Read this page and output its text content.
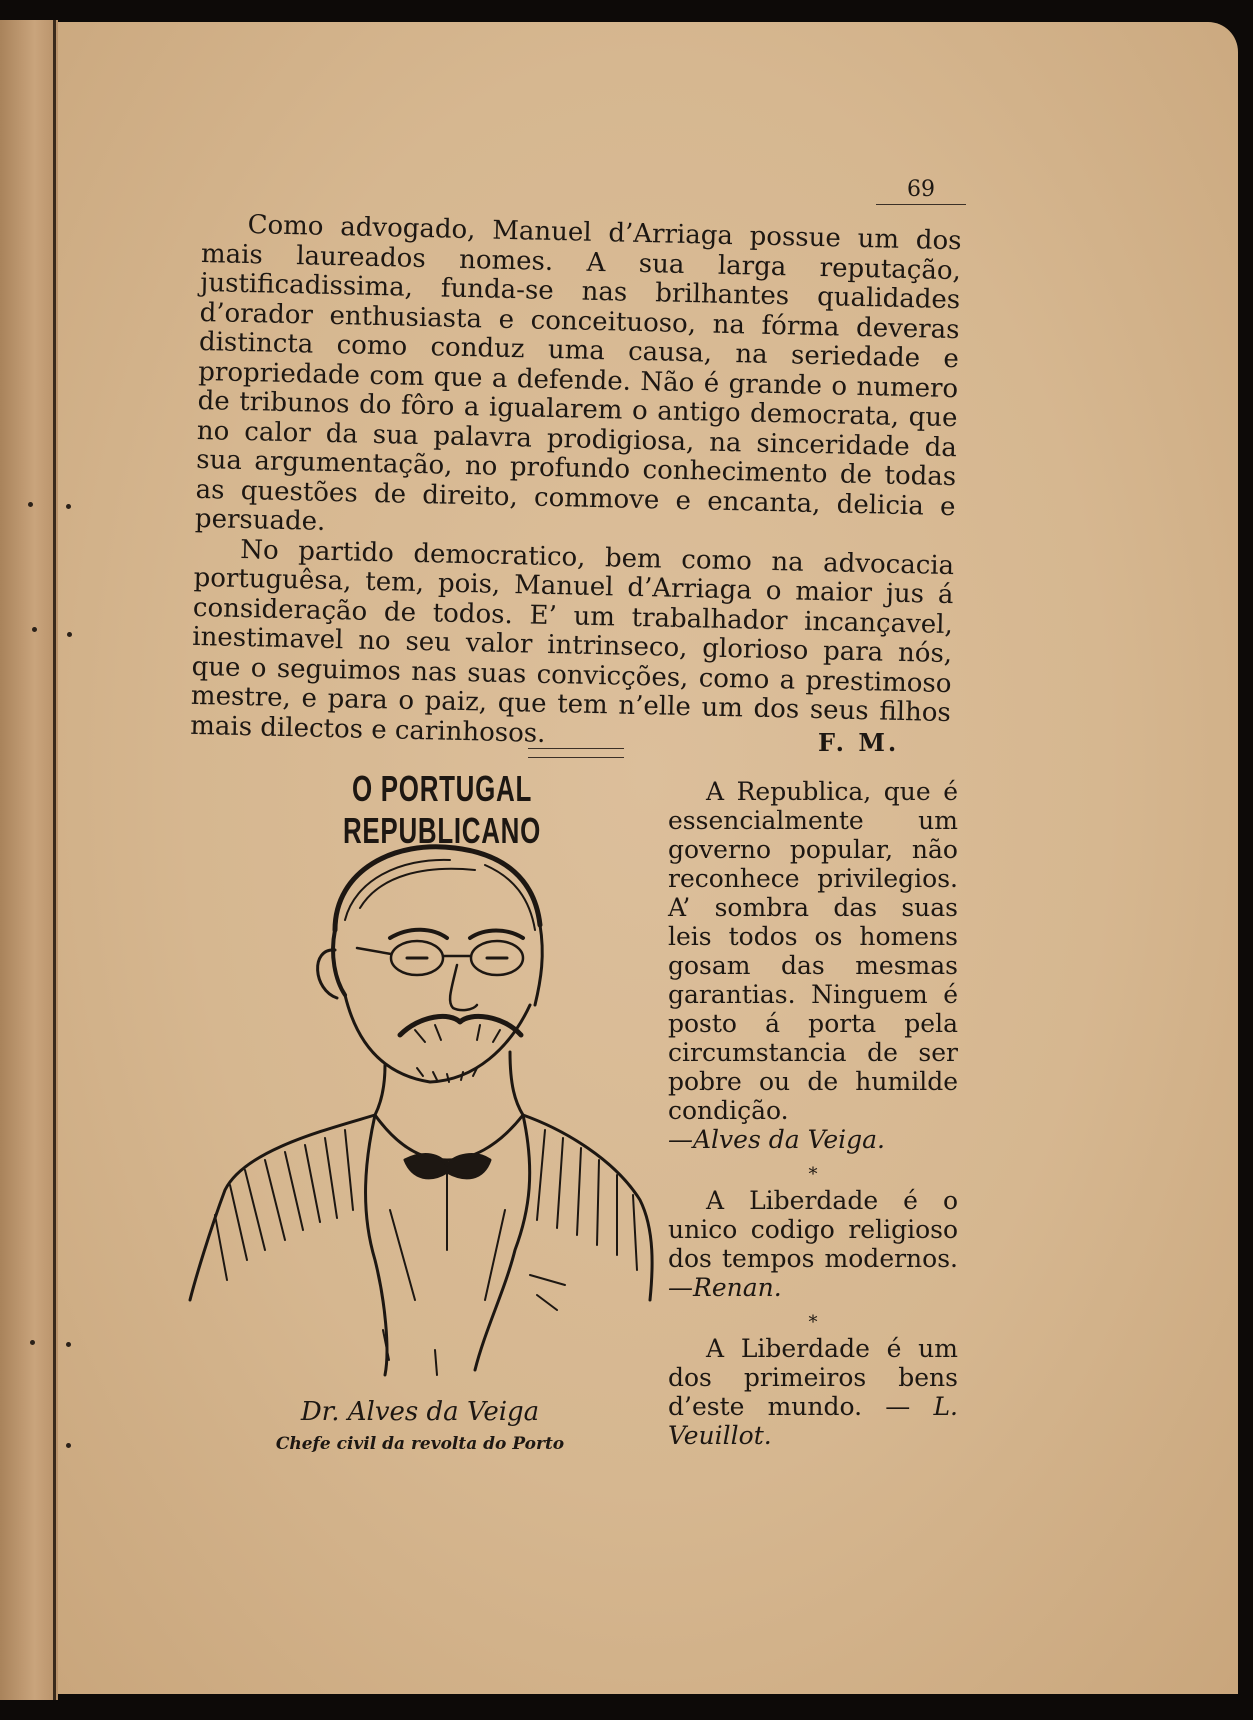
69

Como advogado, Manuel d’Arriaga possue um dos mais laureados nomes. A sua larga reputação, justificadissima, funda-se nas brilhantes qualidades d’orador enthusiasta e conceituoso, na fórma deveras distincta como conduz uma causa, na seriedade e propriedade com que a defende. Não é grande o numero de tribunos do fôro a igualarem o antigo democrata, que no calor da sua palavra prodigiosa, na sinceridade da sua argumentação, no profundo conhecimento de todas as questões de direito, commove e encanta, delicia e persuade.

No partido democratico, bem como na advocacia portuguêsa, tem, pois, Manuel d’Arriaga o maior jus á consideração de todos. E’ um trabalhador incançavel, inestimavel no seu valor intrinseco, glorioso para nós, que o seguimos nas suas convicções, como a prestimoso mestre, e para o paiz, que tem n’elle um dos seus filhos mais dilectos e carinhosos.	F. M.
O PORTUGAL REPUBLICANO
Dr. Alves da Veiga
Chefe civil da revolta do Porto

A Republica, que é essencialmente um governo popular, não reconhece privilegios. A’ sombra das suas leis todos os homens gosam das mesmas garantias. Ninguem é posto á porta pela circumstancia de ser pobre ou de humilde condição.
—Alves da Veiga.

*

A Liberdade é o unico codigo religioso dos tempos modernos.—Renan.

*

A Liberdade é um dos primeiros bens d’este mundo. — L. Veuillot.
